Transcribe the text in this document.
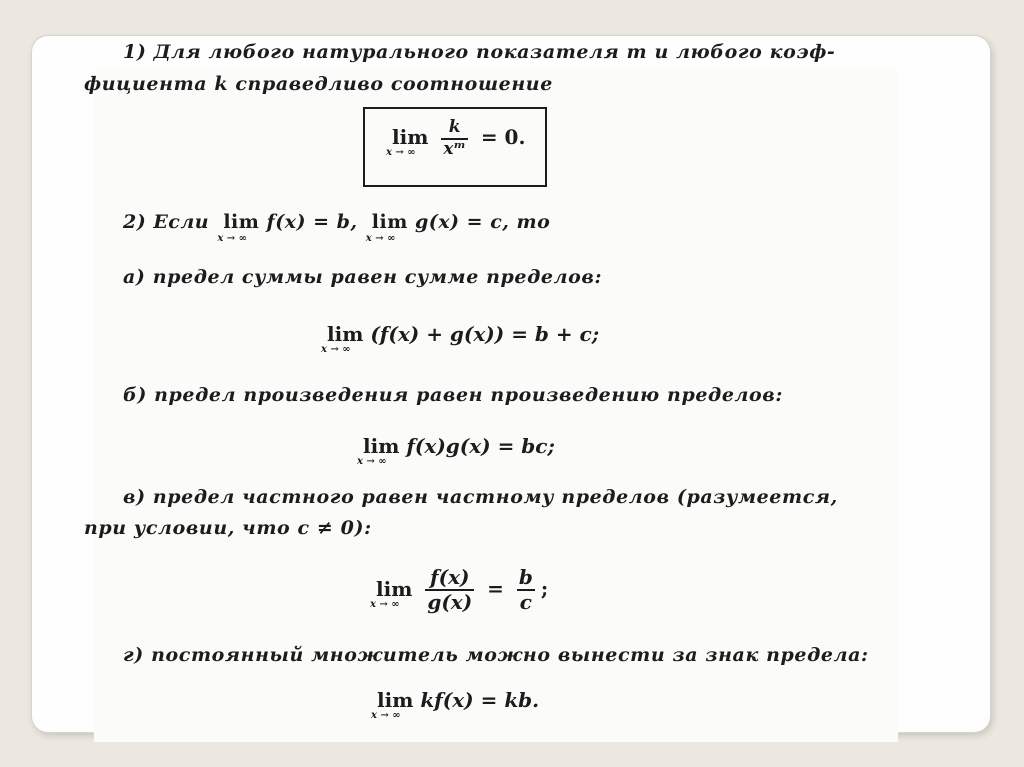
1) Для любого натурального показателя m и любого коэф-

фициента k справедливо соотношение

lim
x → ∞
$\frac{k}{\text{xᵐ}} = 0$.
2) Если lim
x → ∞
f(x) = b, lim
x → ∞
g(x) = c, то

а) предел суммы равен сумме пределов:

lim
x → ∞
(f(x) + g(x)) = b + c;

б) предел произведения равен произведению пределов:

lim
x → ∞
f(x)g(x) = bc;

в) предел частного равен частному пределов (разумеется,

при условии, что c ≠ 0):

lim
x → ∞
$\frac{f(x)}{g(x)} = \frac{b}{c}$ ;

г) постоянный множитель можно вынести за знак предела:

lim
x → ∞
kf(x) = kb.
